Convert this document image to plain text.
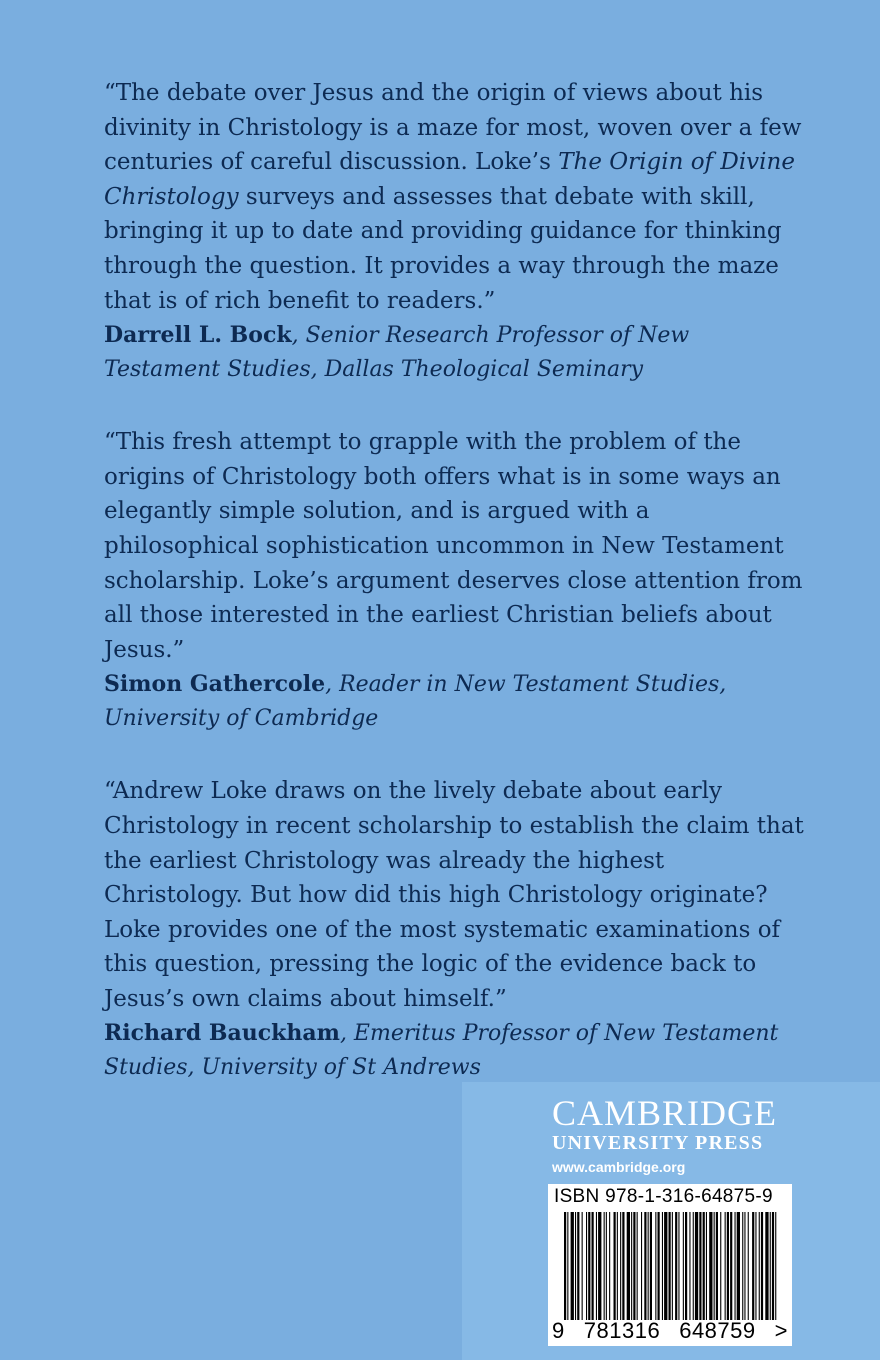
“The debate over Jesus and the origin of views about his divinity in Christology is a maze for most, woven over a few centuries of careful discussion. Loke’s The Origin of Divine Christology surveys and assesses that debate with skill, bringing it up to date and providing guidance for thinking through the question. It provides a way through the maze that is of rich benefit to readers.”

Darrell L. Bock, Senior Research Professor of New Testament Studies, Dallas Theological Seminary

“This fresh attempt to grapple with the problem of the origins of Christology both offers what is in some ways an elegantly simple solution, and is argued with a philosophical sophistication uncommon in New Testament scholarship. Loke’s argument deserves close attention from all those interested in the earliest Christian beliefs about Jesus.”

Simon Gathercole, Reader in New Testament Studies, University of Cambridge

“Andrew Loke draws on the lively debate about early Christology in recent scholarship to establish the claim that the earliest Christology was already the highest Christology. But how did this high Christology originate? Loke provides one of the most systematic examinations of this question, pressing the logic of the evidence back to Jesus’s own claims about himself.”

Richard Bauckham, Emeritus Professor of New Testament Studies, University of St Andrews

CAMBRIDGE
UNIVERSITY PRESS
www.cambridge.org
ISBN 978-1-316-64875-9
9 781316 648759 >
